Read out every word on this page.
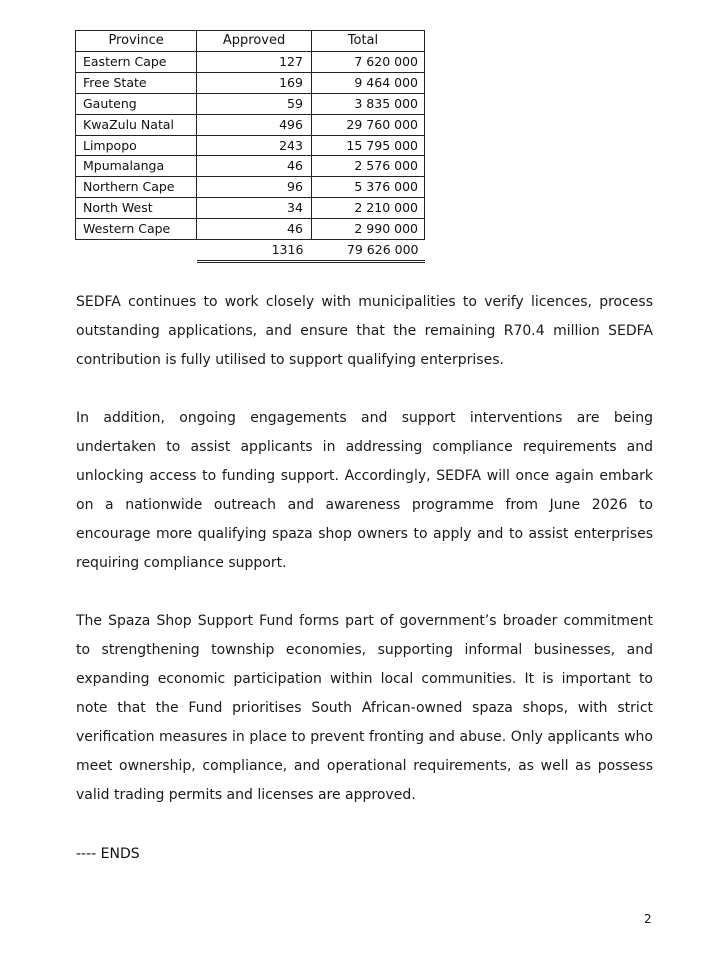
Province	Approved	Total
Eastern Cape	127	7 620 000
Free State	169	9 464 000
Gauteng	59	3 835 000
KwaZulu Natal	496	29 760 000
Limpopo	243	15 795 000
Mpumalanga	46	2 576 000
Northern Cape	96	5 376 000
North West	34	2 210 000
Western Cape	46	2 990 000
	1316	79 626 000

SEDFA continues to work closely with municipalities to verify licences, process outstanding applications, and ensure that the remaining R70.4 million SEDFA contribution is fully utilised to support qualifying enterprises.

In addition, ongoing engagements and support interventions are being undertaken to assist applicants in addressing compliance requirements and unlocking access to funding support. Accordingly, SEDFA will once again embark on a nationwide outreach and awareness programme from June 2026 to encourage more qualifying spaza shop owners to apply and to assist enterprises requiring compliance support.

The Spaza Shop Support Fund forms part of government’s broader commitment to strengthening township economies, supporting informal businesses, and expanding economic participation within local communities. It is important to note that the Fund prioritises South African-owned spaza shops, with strict verification measures in place to prevent fronting and abuse. Only applicants who meet ownership, compliance, and operational requirements, as well as possess valid trading permits and licenses are approved.

---- ENDS

2
